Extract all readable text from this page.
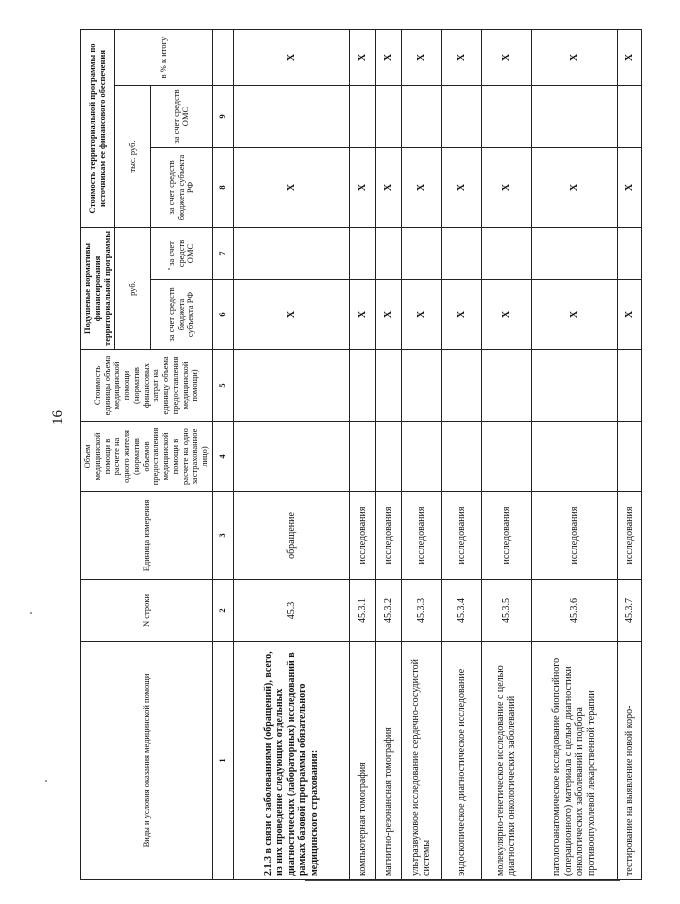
16
Виды и условия оказания медицинской помощи	N строки	Единица измерения	Объем медицинской помощи в расчете на одного жителя (норматив объемов предоставления медицинской помощи в расчете на одно застрахованное лицо)	Стоимость единицы объема медицинской помощи (норматив финансовых затрат на единицу объема предоставления медицинской помощи)	Подушевые нормативы финансирования территориальной программы		Стоимость территориальной программы по источникам ее финансового обеспечения		
					руб.		тыс. руб.		в % к итогу
					за счет средств бюджета субъекта РФ	за счет средств ОМС	за счет средств бюджета субъекта РФ	за счет средств ОМС	
1	2	3	4	5	6	7	8	9	
2.1.3 в связи с заболеваниями (обращений), всего, из них проведение следующих отдельных диагностических (лабораторных) исследований в рамках базовой программы обязательного медицинского страхования:	45.3	обращение			X		X		X
компьютерная томография	45.3.1	исследования			X		X		X
магнитно-резонансная томография	45.3.2	исследования			X		X		X
ультразвуковое исследование сердечно-сосудистой системы	45.3.3	исследования			X		X		X
эндоскопическое диагностическое исследование	45.3.4	исследования			X		X		X
молекулярно-генетическое исследование с целью диагностики онкологических заболеваний	45.3.5	исследования			X		X		X
патологоанатомическое исследование биопсийного (операционного) материала с целью диагностики онкологических заболеваний и подбора противоопухолевой лекарственной терапии	45.3.6	исследования			X		X		X
тестирование на выявление новой коро-	45.3.7	исследования			X		X		X
